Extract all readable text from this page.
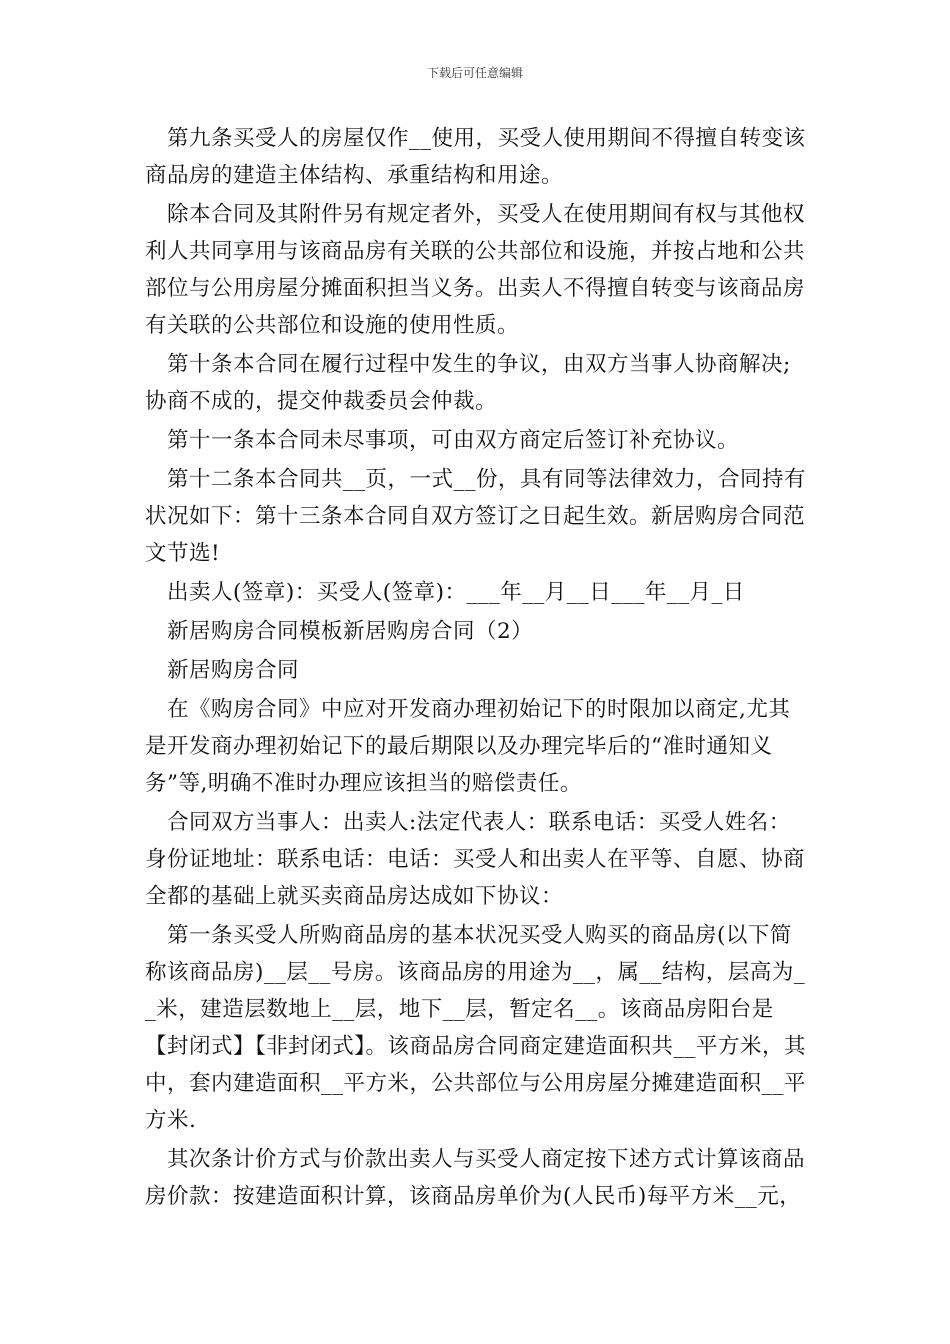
下载后可任意编辑

第九条买受人的房屋仅作__使用，买受人使用期间不得擅自转变该商品房的建造主体结构、承重结构和用途。

除本合同及其附件另有规定者外，买受人在使用期间有权与其他权利人共同享用与该商品房有关联的公共部位和设施，并按占地和公共部位与公用房屋分摊面积担当义务。出卖人不得擅自转变与该商品房有关联的公共部位和设施的使用性质。

第十条本合同在履行过程中发生的争议，由双方当事人协商解决;协商不成的，提交仲裁委员会仲裁。

第十一条本合同未尽事项，可由双方商定后签订补充协议。

第十二条本合同共__页，一式__份，具有同等法律效力，合同持有状况如下：第十三条本合同自双方签订之日起生效。新居购房合同范文节选!

出卖人(签章)：买受人(签章)：___年__月__日___年__月_日

新居购房合同模板新居购房合同（2）

新居购房合同

在《购房合同》中应对开发商办理初始记下的时限加以商定,尤其是开发商办理初始记下的最后期限以及办理完毕后的“准时通知义务”等,明确不准时办理应该担当的赔偿责任。

合同双方当事人：出卖人:法定代表人：联系电话：买受人姓名：身份证地址：联系电话：电话：买受人和出卖人在平等、自愿、协商全都的基础上就买卖商品房达成如下协议：

第一条买受人所购商品房的基本状况买受人购买的商品房(以下简称该商品房)__层__号房。该商品房的用途为__，属__结构，层高为__米，建造层数地上__层，地下__层，暂定名__。该商品房阳台是【封闭式】【非封闭式】。该商品房合同商定建造面积共__平方米，其中，套内建造面积__平方米，公共部位与公用房屋分摊建造面积__平方米.

其次条计价方式与价款出卖人与买受人商定按下述方式计算该商品房价款：按建造面积计算，该商品房单价为(人民币)每平方米__元，
